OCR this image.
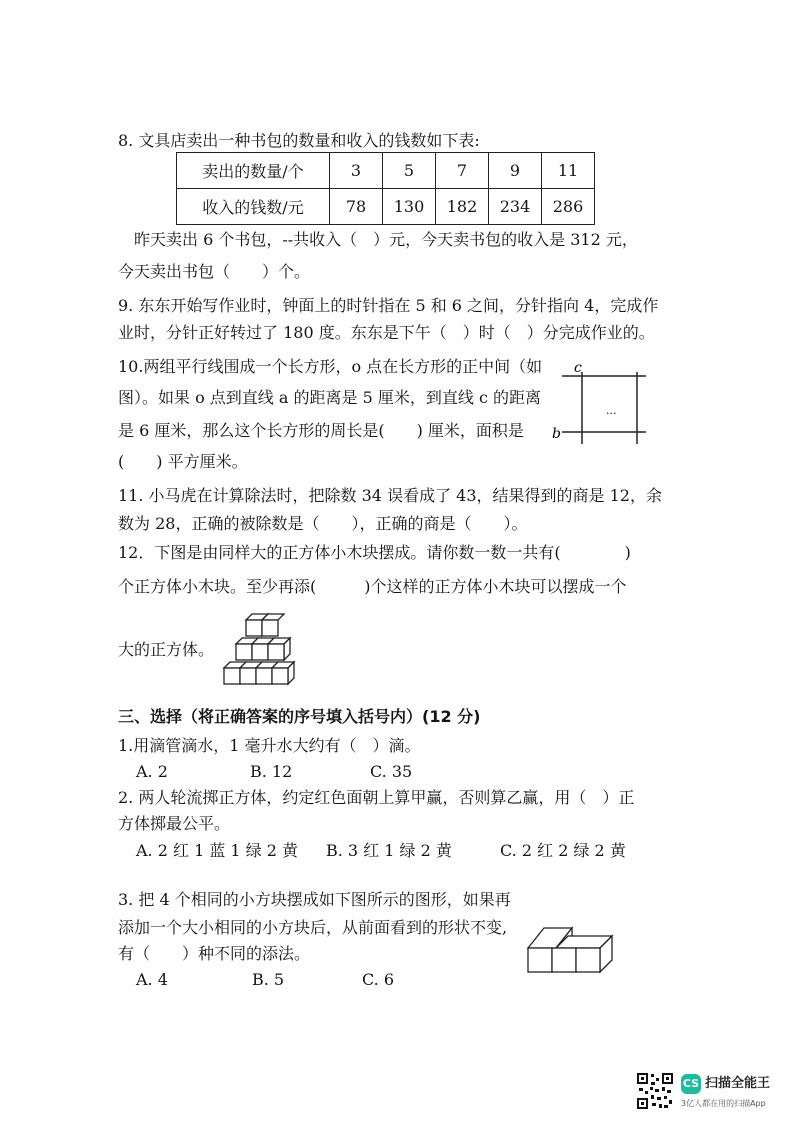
8. 文具店卖出一种书包的数量和收入的钱数如下表:
卖出的数量/个	3	5	7	9	11
收入的钱数/元	78	130	182	234	286
昨天卖出 6 个书包，--共收入（　）元，今天卖书包的收入是 312 元，
今天卖出书包（　　）个。
9. 东东开始写作业时，钟面上的时针指在 5 和 6 之间，分针指向 4，完成作
业时，分针正好转过了 180 度。东东是下午（　）时（　）分完成作业的。
10.两组平行线围成一个长方形，o 点在长方形的正中间（如
图）。如果 o 点到直线 a 的距离是 5 厘米，到直线 c 的距离
是 6 厘米，那么这个长方形的周长是(　　) 厘米，面积是
(　　) 平方厘米。
c
b
...
11. 小马虎在计算除法时，把除数 34 误看成了 43，结果得到的商是 12，余
数为 28，正确的被除数是（　　），正确的商是（　　）。
12．下图是由同样大的正方体小木块摆成。请你数一数一共有(　　　　)
个正方体小木块。至少再添(　　　)个这样的正方体小木块可以摆成一个
大的正方体。
三、选择（将正确答案的序号填入括号内）(12 分)
1.用滴管滴水，1 毫升水大约有（　）滴。
A. 2	B. 12	C. 35
2. 两人轮流掷正方体，约定红色面朝上算甲赢，否则算乙赢，用（　）正
方体掷最公平。
A. 2 红 1 蓝 1 绿 2 黄 B. 3 红 1 绿 2 黄	C. 2 红 2 绿 2 黄
3. 把 4 个相同的小方块摆成如下图所示的图形，如果再
添加一个大小相同的小方块后，从前面看到的形状不变,
有（　　）种不同的添法。
A. 4	B. 5	C. 6
CS 扫描全能王
3亿人都在用的扫描App
